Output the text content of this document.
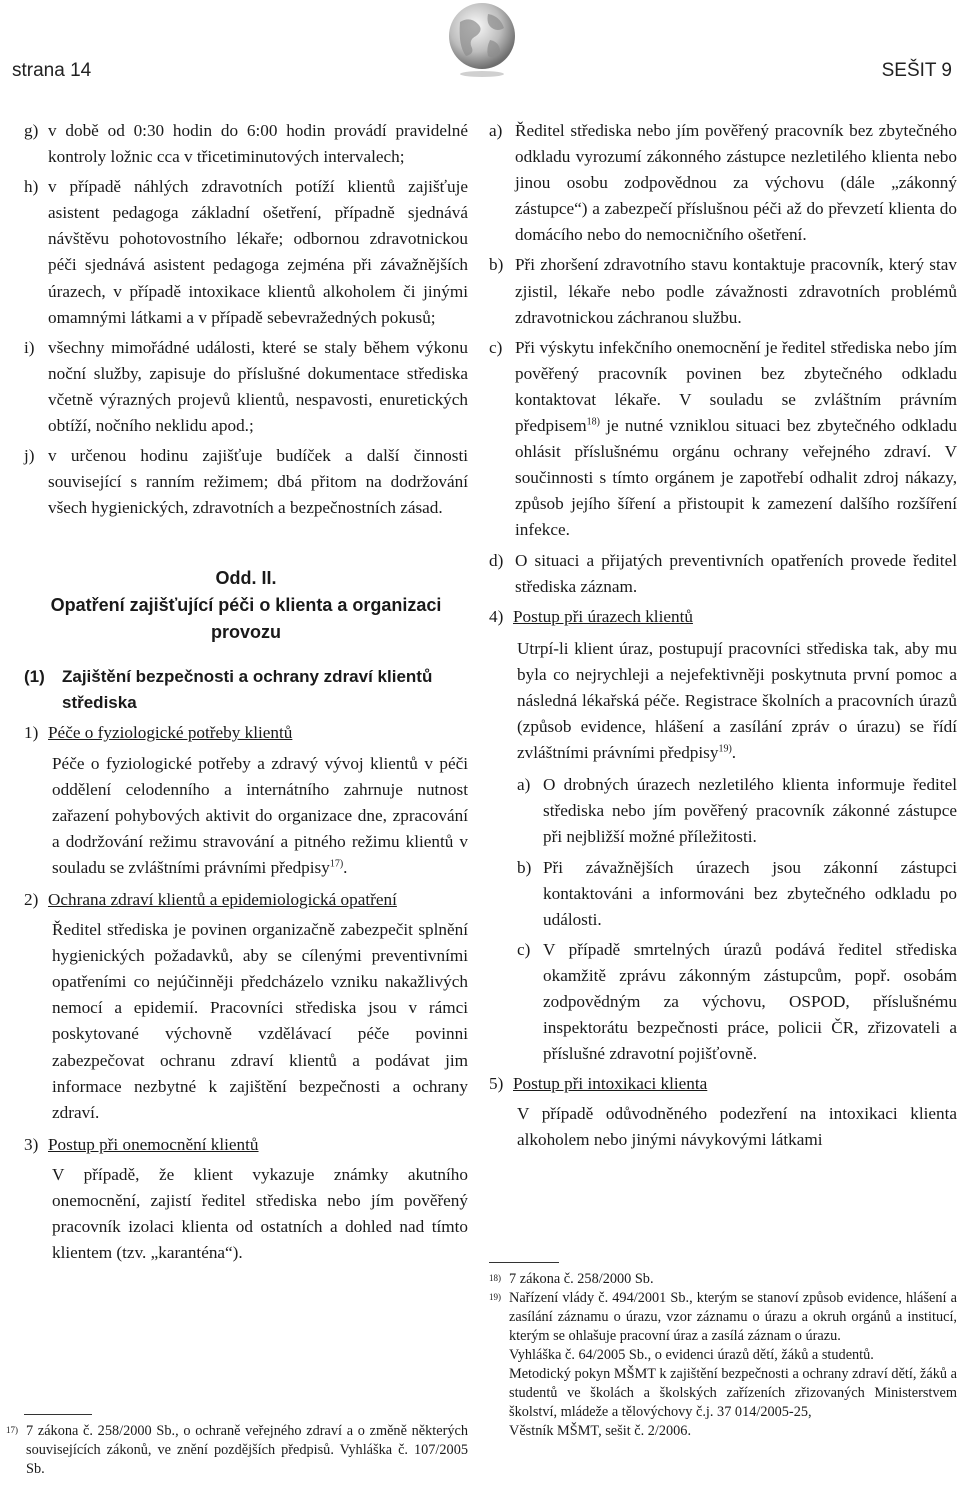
strana 14	SEŠIT 9
g) v době od 0:30 hodin do 6:00 hodin provádí pravidelné kontroly ložnic cca v třicetiminutových intervalech;
h) v případě náhlých zdravotních potíží klientů zajišťuje asistent pedagoga základní ošetření, případně sjednává návštěvu pohotovostního lékaře; odbornou zdravotnickou péči sjednává asistent pedagoga zejména při závažnějších úrazech, v případě intoxikace klientů alkoholem či jinými omamnými látkami a v případě sebevražedných pokusů;
i) všechny mimořádné události, které se staly během výkonu noční služby, zapisuje do příslušné dokumentace střediska včetně výrazných projevů klientů, nespavosti, enuretických obtíží, nočního neklidu apod.;
j) v určenou hodinu zajišťuje budíček a další činnosti související s ranním režimem; dbá přitom na dodržování všech hygienických, zdravotních a bezpečnostních zásad.

Odd. II.

Opatření zajišťující péči o klienta a organizaci provozu

(1)	Zajištění bezpečnosti a ochrany zdraví klientů střediska
1) Péče o fyziologické potřeby klientů

Péče o fyziologické potřeby a zdravý vývoj klientů v péči oddělení celodenního a internátního zahrnuje nutnost zařazení pohybových aktivit do organizace dne, zpracování a dodržování režimu stravování a pitného režimu klientů v souladu se zvláštními právními předpisy$^{17)}$.

2) Ochrana zdraví klientů a epidemiologická opatření

Ředitel střediska je povinen organizačně zabezpečit splnění hygienických požadavků, aby se cílenými preventivními opatřeními co nejúčinněji předcházelo vzniku nakažlivých nemocí a epidemií. Pracovníci střediska jsou v rámci poskytované výchovně vzdělávací péče povinni zabezpečovat ochranu zdraví klientů a podávat jim informace nezbytné k zajištění bezpečnosti a ochrany zdraví.

3) Postup při onemocnění klientů

V případě, že klient vykazuje známky akutního onemocnění, zajistí ředitel střediska nebo jím pověřený pracovník izolaci klienta od ostatních a dohled nad tímto klientem (tzv. „karanténa“).

17) 7 zákona č. 258/2000 Sb., o ochraně veřejného zdraví a o změně některých souvisejících zákonů, ve znění pozdějších předpisů. Vyhláška č. 107/2005 Sb.
a) Ředitel střediska nebo jím pověřený pracovník bez zbytečného odkladu vyrozumí zákonného zástupce nezletilého klienta nebo jinou osobu zodpovědnou za výchovu (dále „zákonný zástupce“) a zabezpečí příslušnou péči až do převzetí klienta do domácího nebo do nemocničního ošetření.
b) Při zhoršení zdravotního stavu kontaktuje pracovník, který stav zjistil, lékaře nebo podle závažnosti zdravotních problémů zdravotnickou záchranou službu.
c) Při výskytu infekčního onemocnění je ředitel střediska nebo jím pověřený pracovník povinen bez zbytečného odkladu kontaktovat lékaře. V souladu se zvláštním právním předpisem$^{18)}$ je nutné vzniklou situaci bez zbytečného odkladu ohlásit příslušnému orgánu ochrany veřejného zdraví. V součinnosti s tímto orgánem je zapotřebí odhalit zdroj nákazy, způsob jejího šíření a přistoupit k zamezení dalšího rozšíření infekce.
d) O situaci a přijatých preventivních opatřeních provede ředitel střediska záznam.
4) Postup při úrazech klientů

Utrpí-li klient úraz, postupují pracovníci střediska tak, aby mu byla co nejrychleji a nejefektivněji poskytnuta první pomoc a následná lékařská péče. Registrace školních a pracovních úrazů (způsob evidence, hlášení a zasílání zpráv o úrazu) se řídí zvláštními právními předpisy$^{19)}$.

a) O drobných úrazech nezletilého klienta informuje ředitel střediska nebo jím pověřený pracovník zákonné zástupce při nejbližší možné příležitosti.
b) Při závažnějších úrazech jsou zákonní zástupci kontaktováni a informováni bez zbytečného odkladu po události.
c) V případě smrtelných úrazů podává ředitel střediska okamžitě zprávu zákonným zástupcům, popř. osobám zodpovědným za výchovu, OSPOD, příslušnému inspektorátu bezpečnosti práce, policii ČR, zřizovateli a příslušné zdravotní pojišťovně.
5) Postup při intoxikaci klienta

V případě odůvodněného podezření na intoxikaci klienta alkoholem nebo jinými návykovými látkami

18) 7 zákona č. 258/2000 Sb.
19) Nařízení vlády č. 494/2001 Sb., kterým se stanoví způsob evidence, hlášení a zasílání záznamu o úrazu, vzor záznamu o úrazu a okruh orgánů a institucí, kterým se ohlašuje pracovní úraz a zasílá záznam o úrazu.

Vyhláška č. 64/2005 Sb., o evidenci úrazů dětí, žáků a studentů.

Metodický pokyn MŠMT k zajištění bezpečnosti a ochrany zdraví dětí, žáků a studentů ve školách a školských zařízeních zřizovaných Ministerstvem školství, mládeže a tělovýchovy č.j. 37 014/2005-25,

Věstník MŠMT, sešit č. 2/2006.
